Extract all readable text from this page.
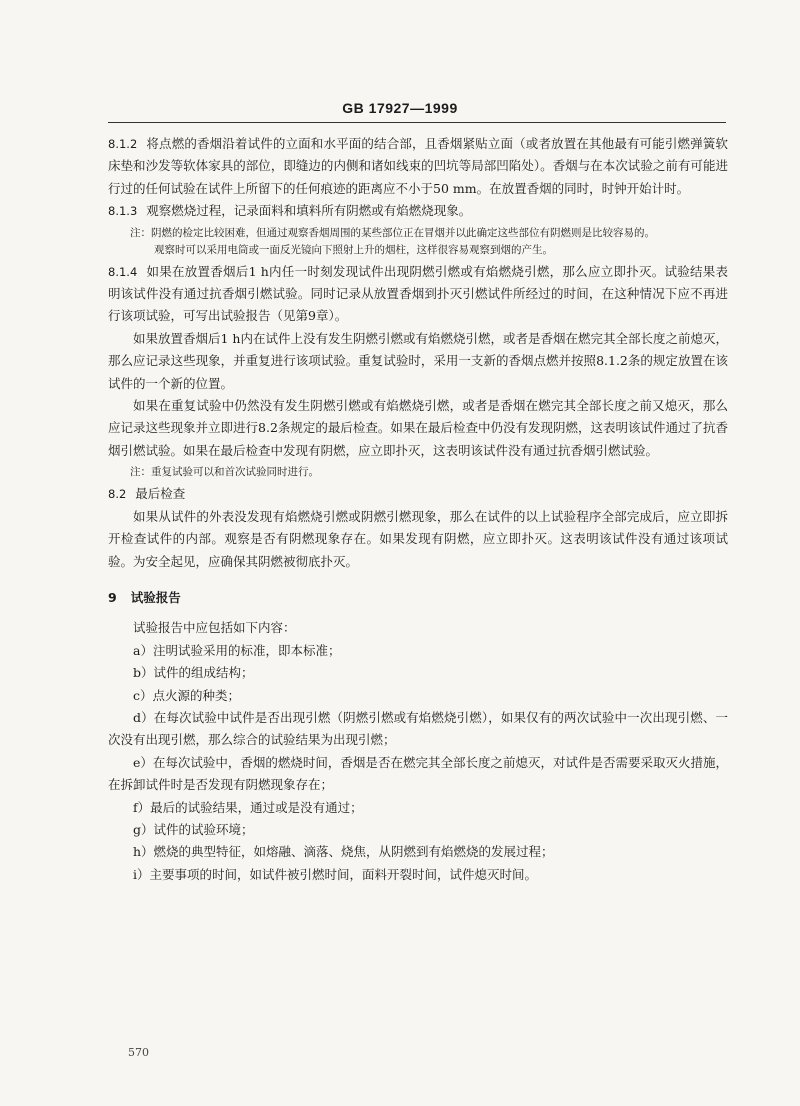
GB 17927—1999

8.1.2 将点燃的香烟沿着试件的立面和水平面的结合部，且香烟紧贴立面（或者放置在其他最有可能引燃弹簧软床垫和沙发等软体家具的部位，即缝边的内侧和诸如线束的凹坑等局部凹陷处）。香烟与在本次试验之前有可能进行过的任何试验在试件上所留下的任何痕迹的距离应不小于50 mm。在放置香烟的同时，时钟开始计时。

8.1.3 观察燃烧过程，记录面料和填料所有阴燃或有焰燃烧现象。

注：阴燃的检定比较困难，但通过观察香烟周围的某些部位正在冒烟并以此确定这些部位有阴燃则是比较容易的。
观察时可以采用电筒或一面反光镜向下照射上升的烟柱，这样很容易观察到烟的产生。

8.1.4 如果在放置香烟后1 h内任一时刻发现试件出现阴燃引燃或有焰燃烧引燃，那么应立即扑灭。试验结果表明该试件没有通过抗香烟引燃试验。同时记录从放置香烟到扑灭引燃试件所经过的时间，在这种情况下应不再进行该项试验，可写出试验报告（见第9章）。

如果放置香烟后1 h内在试件上没有发生阴燃引燃或有焰燃烧引燃，或者是香烟在燃完其全部长度之前熄灭，那么应记录这些现象，并重复进行该项试验。重复试验时，采用一支新的香烟点燃并按照8.1.2条的规定放置在该试件的一个新的位置。

如果在重复试验中仍然没有发生阴燃引燃或有焰燃烧引燃，或者是香烟在燃完其全部长度之前又熄灭，那么应记录这些现象并立即进行8.2条规定的最后检查。如果在最后检查中仍没有发现阴燃，这表明该试件通过了抗香烟引燃试验。如果在最后检查中发现有阴燃，应立即扑灭，这表明该试件没有通过抗香烟引燃试验。

注：重复试验可以和首次试验同时进行。

8.2 最后检查

如果从试件的外表没发现有焰燃烧引燃或阴燃引燃现象，那么在试件的以上试验程序全部完成后，应立即拆开检查试件的内部。观察是否有阴燃现象存在。如果发现有阴燃，应立即扑灭。这表明该试件没有通过该项试验。为安全起见，应确保其阴燃被彻底扑灭。

9 试验报告

试验报告中应包括如下内容：

a）注明试验采用的标准，即本标准；

b）试件的组成结构；

c）点火源的种类；

d）在每次试验中试件是否出现引燃（阴燃引燃或有焰燃烧引燃），如果仅有的两次试验中一次出现引燃、一次没有出现引燃，那么综合的试验结果为出现引燃；

e）在每次试验中，香烟的燃烧时间，香烟是否在燃完其全部长度之前熄灭，对试件是否需要采取灭火措施，在拆卸试件时是否发现有阴燃现象存在；

f）最后的试验结果，通过或是没有通过；

g）试件的试验环境；

h）燃烧的典型特征，如熔融、滴落、烧焦，从阴燃到有焰燃烧的发展过程；

i）主要事项的时间，如试件被引燃时间，面料开裂时间，试件熄灭时间。

570
